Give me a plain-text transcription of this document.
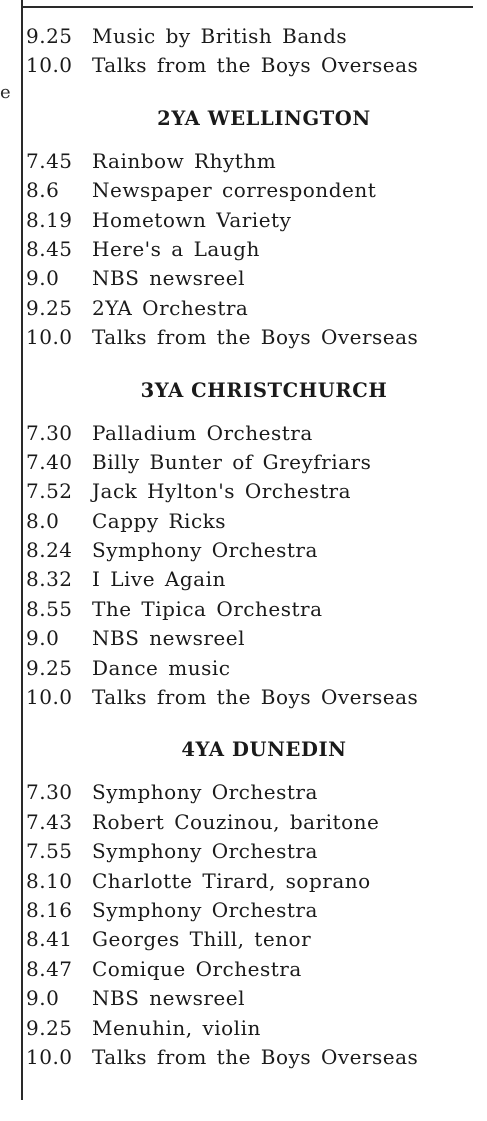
e
9.25 Music by British Bands
10.0 Talks from the Boys Overseas
2YA WELLINGTON
7.45 Rainbow Rhythm
8.6	Newspaper correspondent
8.19 Hometown Variety
8.45 Here's a Laugh
9.0	NBS newsreel
9.25 2YA Orchestra
10.0 Talks from the Boys Overseas
3YA CHRISTCHURCH
7.30 Palladium Orchestra
7.40 Billy Bunter of Greyfriars
7.52 Jack Hylton's Orchestra
8.0	Cappy Ricks
8.24 Symphony Orchestra
8.32 I Live Again
8.55 The Tipica Orchestra
9.0	NBS newsreel
9.25 Dance music
10.0 Talks from the Boys Overseas
4YA DUNEDIN
7.30 Symphony Orchestra
7.43 Robert Couzinou, baritone
7.55 Symphony Orchestra
8.10 Charlotte Tirard, soprano
8.16 Symphony Orchestra
8.41 Georges Thill, tenor
8.47 Comique Orchestra
9.0	NBS newsreel
9.25 Menuhin, violin
10.0 Talks from the Boys Overseas
